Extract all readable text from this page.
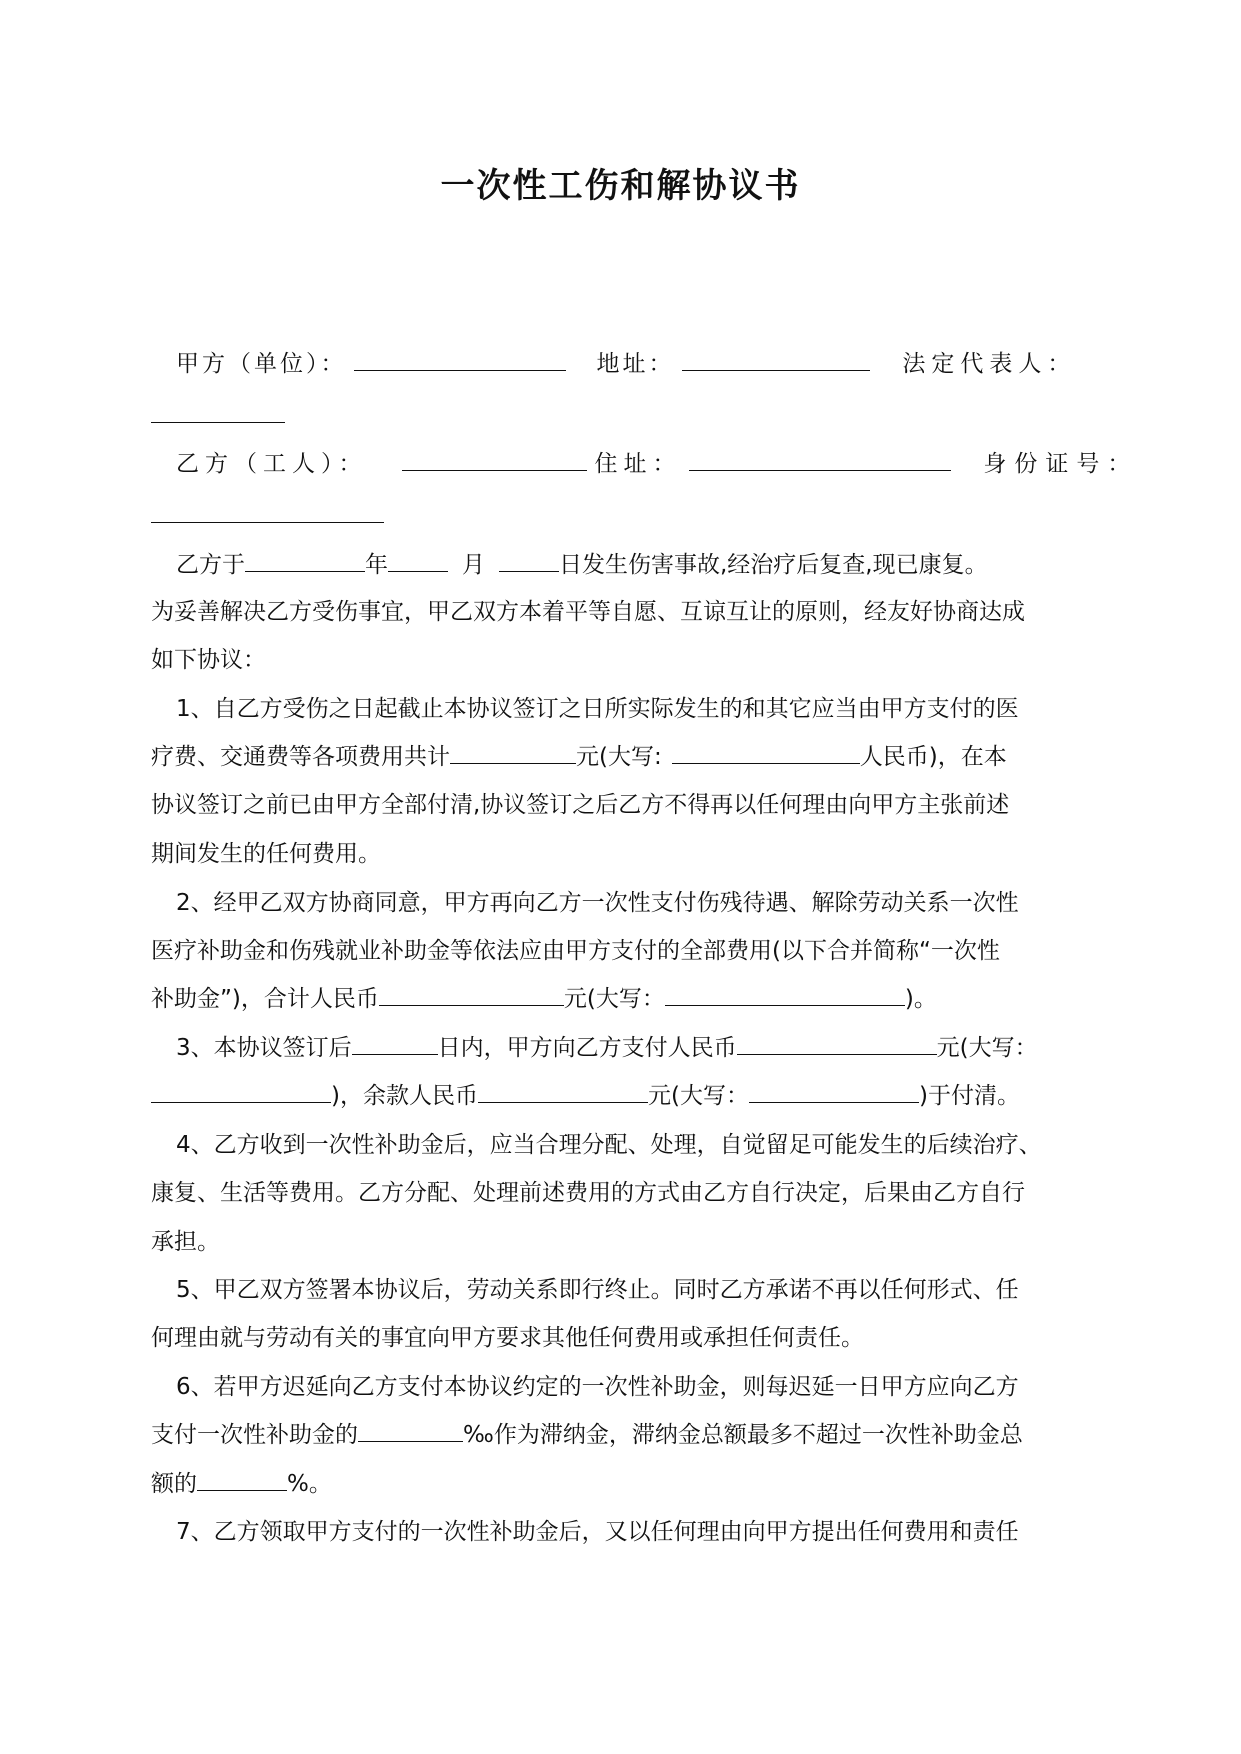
一次性工伤和解协议书
甲方（单位）：	地址：	法定代表人：
乙方（工人）：	住址：	身份证号：
乙方于	年	月	日发生伤害事故,经治疗后复查,现已康复。
为妥善解决乙方受伤事宜，甲乙双方本着平等自愿、互谅互让的原则，经友好协商达成
如下协议：
1、自乙方受伤之日起截止本协议签订之日所实际发生的和其它应当由甲方支付的医
疗费、交通费等各项费用共计	元(大写:	人民币)，在本
协议签订之前已由甲方全部付清,协议签订之后乙方不得再以任何理由向甲方主张前述
期间发生的任何费用。
2、经甲乙双方协商同意，甲方再向乙方一次性支付伤残待遇、解除劳动关系一次性
医疗补助金和伤残就业补助金等依法应由甲方支付的全部费用(以下合并简称“一次性
补助金”)，合计人民币	元(大写：	)。
3、本协议签订后	日内，甲方向乙方支付人民币	元(大写：
)，余款人民币	元(大写：	)于付清。
4、乙方收到一次性补助金后，应当合理分配、处理，自觉留足可能发生的后续治疗、
康复、生活等费用。乙方分配、处理前述费用的方式由乙方自行决定，后果由乙方自行
承担。
5、甲乙双方签署本协议后，劳动关系即行终止。同时乙方承诺不再以任何形式、任
何理由就与劳动有关的事宜向甲方要求其他任何费用或承担任何责任。
6、若甲方迟延向乙方支付本协议约定的一次性补助金，则每迟延一日甲方应向乙方
支付一次性补助金的	‰作为滞纳金，滞纳金总额最多不超过一次性补助金总
额的	%。
7、乙方领取甲方支付的一次性补助金后，又以任何理由向甲方提出任何费用和责任
